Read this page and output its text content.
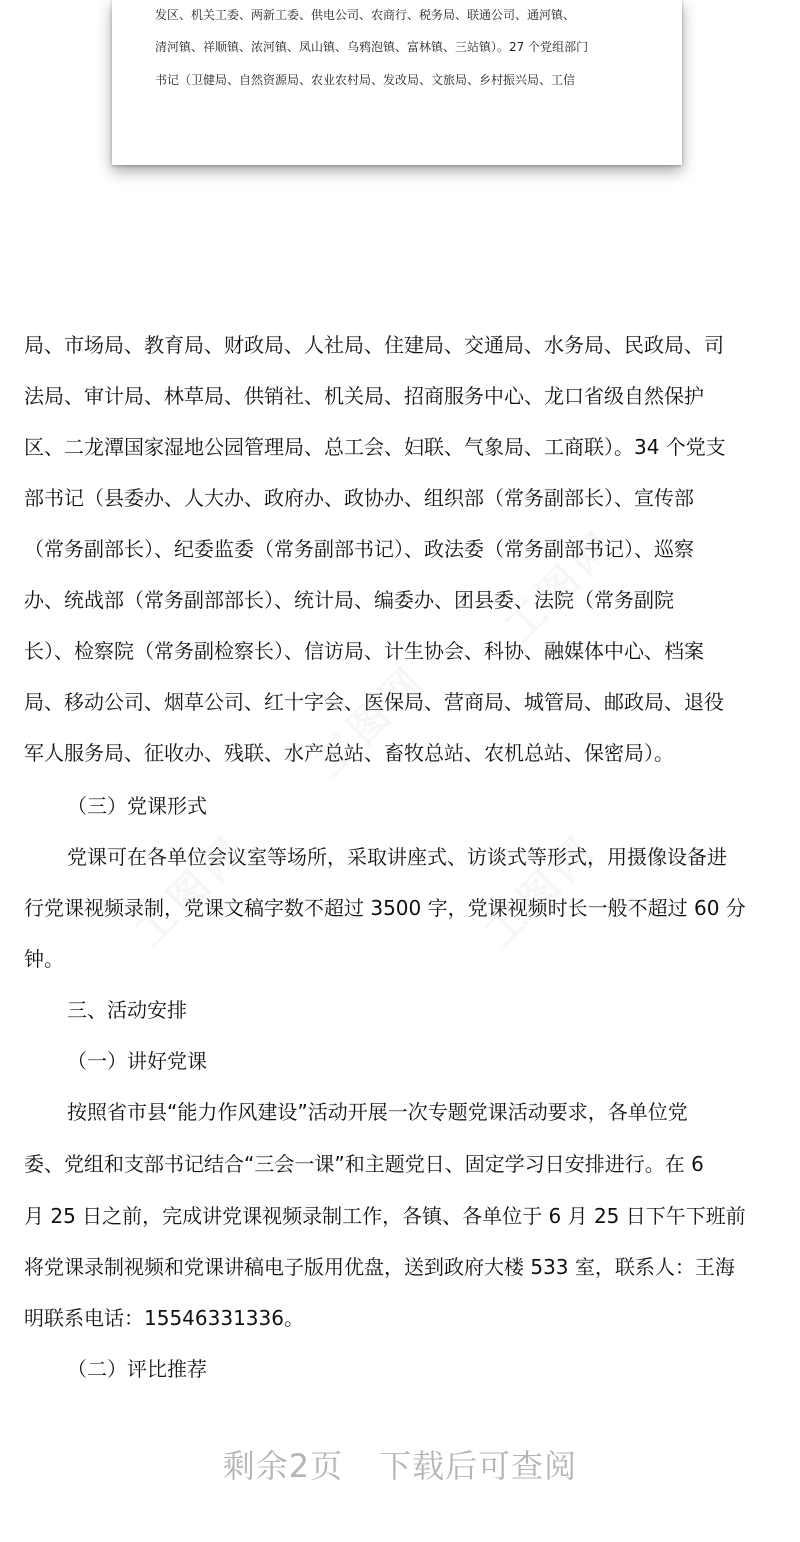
发区、机关工委、两新工委、供电公司、农商行、税务局、联通公司、通河镇、

清河镇、祥顺镇、浓河镇、凤山镇、乌鸦泡镇、富林镇、三站镇）。27 个党组部门

书记（卫健局、自然资源局、农业农村局、发改局、文旅局、乡村振兴局、工信

局、市场局、教育局、财政局、人社局、住建局、交通局、水务局、民政局、司

法局、审计局、林草局、供销社、机关局、招商服务中心、龙口省级自然保护

区、二龙潭国家湿地公园管理局、总工会、妇联、气象局、工商联）。34 个党支

部书记（县委办、人大办、政府办、政协办、组织部（常务副部长）、宣传部

（常务副部长）、纪委监委（常务副部书记）、政法委（常务副部书记）、巡察

办、统战部（常务副部部长）、统计局、编委办、团县委、法院（常务副院

长）、检察院（常务副检察长）、信访局、计生协会、科协、融媒体中心、档案

局、移动公司、烟草公司、红十字会、医保局、营商局、城管局、邮政局、退役

军人服务局、征收办、残联、水产总站、畜牧总站、农机总站、保密局）。

（三）党课形式

党课可在各单位会议室等场所，采取讲座式、访谈式等形式，用摄像设备进

行党课视频录制，党课文稿字数不超过 3500 字，党课视频时长一般不超过 60 分

钟。

三、活动安排

（一）讲好党课

按照省市县“能力作风建设”活动开展一次专题党课活动要求，各单位党

委、党组和支部书记结合“三会一课”和主题党日、固定学习日安排进行。在 6

月 25 日之前，完成讲党课视频录制工作，各镇、各单位于 6 月 25 日下午下班前

将党课录制视频和党课讲稿电子版用优盘，送到政府大楼 533 室，联系人：王海

明联系电话：15546331336。

（二）评比推荐

剩余2页 下载后可查阅
